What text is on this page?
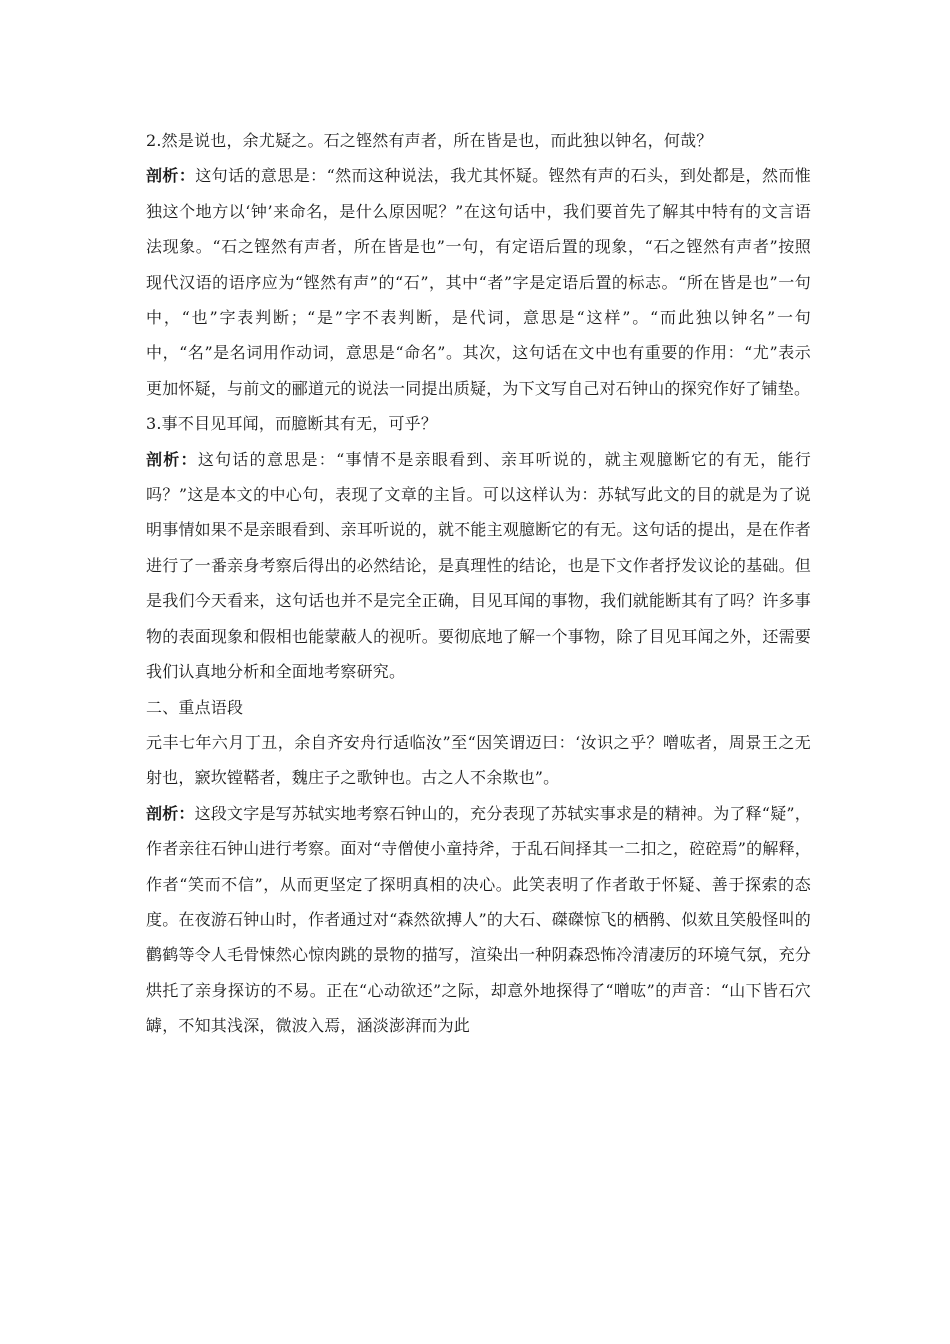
2.然是说也，余尤疑之。石之铿然有声者，所在皆是也，而此独以钟名，何哉？

剖析：这句话的意思是：“然而这种说法，我尤其怀疑。铿然有声的石头，到处都是，然而惟独这个地方以‘钟’来命名，是什么原因呢？”在这句话中，我们要首先了解其中特有的文言语法现象。“石之铿然有声者，所在皆是也”一句，有定语后置的现象，“石之铿然有声者”按照现代汉语的语序应为“铿然有声”的“石”，其中“者”字是定语后置的标志。“所在皆是也”一句中，“也”字表判断；“是”字不表判断，是代词，意思是“这样”。“而此独以钟名”一句中，“名”是名词用作动词，意思是“命名”。其次，这句话在文中也有重要的作用：“尤”表示更加怀疑，与前文的郦道元的说法一同提出质疑，为下文写自己对石钟山的探究作好了铺垫。

3.事不目见耳闻，而臆断其有无，可乎？

剖析：这句话的意思是：“事情不是亲眼看到、亲耳听说的，就主观臆断它的有无，能行吗？”这是本文的中心句，表现了文章的主旨。可以这样认为：苏轼写此文的目的就是为了说明事情如果不是亲眼看到、亲耳听说的，就不能主观臆断它的有无。这句话的提出，是在作者进行了一番亲身考察后得出的必然结论，是真理性的结论，也是下文作者抒发议论的基础。但是我们今天看来，这句话也并不是完全正确，目见耳闻的事物，我们就能断其有了吗？许多事物的表面现象和假相也能蒙蔽人的视听。要彻底地了解一个事物，除了目见耳闻之外，还需要我们认真地分析和全面地考察研究。

二、重点语段

元丰七年六月丁丑，余自齐安舟行适临汝”至“因笑谓迈曰：‘汝识之乎？噌吰者，周景王之无射也，窾坎镗鞳者，魏庄子之歌钟也。古之人不余欺也”。

剖析：这段文字是写苏轼实地考察石钟山的，充分表现了苏轼实事求是的精神。为了释“疑”，作者亲往石钟山进行考察。面对“寺僧使小童持斧，于乱石间择其一二扣之，硿硿焉”的解释，作者“笑而不信”，从而更坚定了探明真相的决心。此笑表明了作者敢于怀疑、善于探索的态度。在夜游石钟山时，作者通过对“森然欲搏人”的大石、磔磔惊飞的栖鹘、似欬且笑般怪叫的鹳鹤等令人毛骨悚然心惊肉跳的景物的描写，渲染出一种阴森恐怖冷清凄厉的环境气氛，充分烘托了亲身探访的不易。正在“心动欲还”之际，却意外地探得了“噌吰”的声音：“山下皆石穴罅，不知其浅深，微波入焉，涵淡澎湃而为此
